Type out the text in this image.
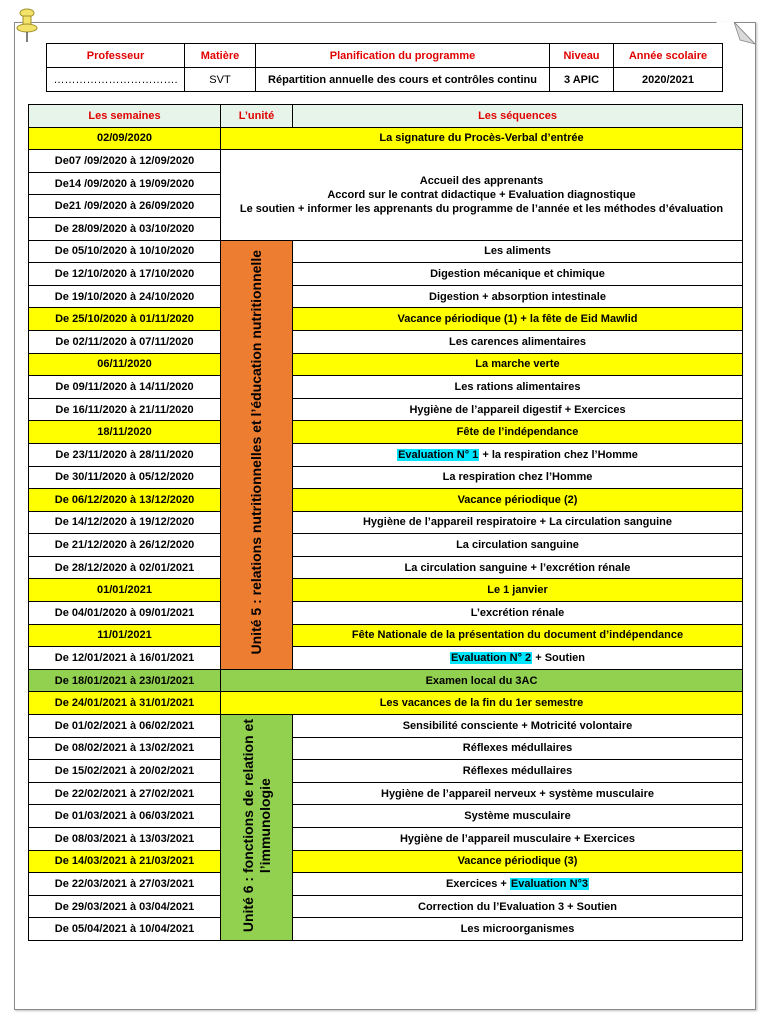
Professeur	Matière	Planification du programme	Niveau	Année scolaire
…………………………….	SVT	Répartition annuelle des cours et contrôles continu	3 APIC	2020/2021
Les semaines	L’unité	Les séquences
02/09/2020	La signature du Procès-Verbal d’entrée	
De07 /09/2020 à 12/09/2020	Accueil des apprenants
Accord sur le contrat didactique + Evaluation diagnostique
Le soutien + informer les apprenants du programme de l’année et les méthodes d’évaluation	

De14 /09/2020 à 19/09/2020		
De21 /09/2020 à 26/09/2020		
De 28/09/2020 à 03/10/2020		
De 05/10/2020 à 10/10/2020	Unité 5 : relations nutritionnelles et l’éducation nutritionnelle	Les aliments
De 12/10/2020 à 17/10/2020		Digestion mécanique et chimique
De 19/10/2020 à 24/10/2020		Digestion + absorption intestinale
De 25/10/2020 à 01/11/2020		Vacance périodique (1) + la fête de Eid Mawlid
De 02/11/2020 à 07/11/2020		Les carences alimentaires
06/11/2020		La marche verte
De 09/11/2020 à 14/11/2020		Les rations alimentaires
De 16/11/2020 à 21/11/2020		Hygiène de l’appareil digestif + Exercices
18/11/2020		Fête de l’indépendance
De 23/11/2020 à 28/11/2020		Evaluation N° 1 + la respiration chez l’Homme
De 30/11/2020 à 05/12/2020		La respiration chez l’Homme
De 06/12/2020 à 13/12/2020		Vacance périodique (2)
De 14/12/2020 à 19/12/2020		Hygiène de l’appareil respiratoire + La circulation sanguine
De 21/12/2020 à 26/12/2020		La circulation sanguine
De 28/12/2020 à 02/01/2021		La circulation sanguine + l’excrétion rénale
01/01/2021		Le 1 janvier
De 04/01/2020 à 09/01/2021		L’excrétion rénale
11/01/2021		Fête Nationale de la présentation du document d’indépendance
De 12/01/2021 à 16/01/2021		Evaluation N° 2 + Soutien
De 18/01/2021 à 23/01/2021	Examen local du 3AC	
De 24/01/2021 à 31/01/2021	Les vacances de la fin du 1er semestre	
De 01/02/2021 à 06/02/2021	Unité 6 : fonctions de relation et
l’immunologie	Sensibilité consciente + Motricité volontaire
De 08/02/2021 à 13/02/2021		Réflexes médullaires
De 15/02/2021 à 20/02/2021		Réflexes médullaires
De 22/02/2021 à 27/02/2021		Hygiène de l’appareil nerveux + système musculaire
De 01/03/2021 à 06/03/2021		Système musculaire
De 08/03/2021 à 13/03/2021		Hygiène de l’appareil musculaire + Exercices
De 14/03/2021 à 21/03/2021		Vacance périodique (3)
De 22/03/2021 à 27/03/2021		Exercices + Evaluation N°3
De 29/03/2021 à 03/04/2021		Correction du l’Evaluation 3 + Soutien
De 05/04/2021 à 10/04/2021		Les microorganismes
